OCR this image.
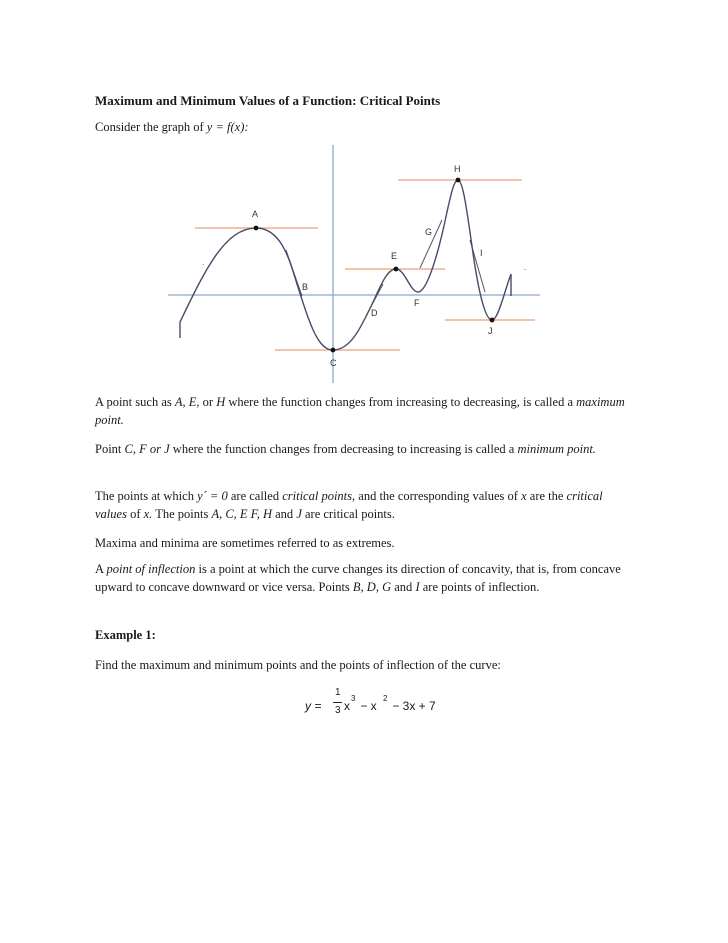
Maximum and Minimum Values of a Function: Critical Points
Consider the graph of y = f(x):
A
B
C
D
E
F
G
H
I
J
.
.
A point such as A, E, or H where the function changes from increasing to decreasing, is called a maximum point.
Point C, F or J where the function changes from decreasing to increasing is called a minimum point.
The points at which y´ = 0 are called critical points, and the corresponding values of x are the critical values of x. The points A, C, E F, H and J are critical points.
Maxima and minima are sometimes referred to as extremes.
A point of inflection is a point at which the curve changes its direction of concavity, that is, from concave upward to concave downward or vice versa. Points B, D, G and I are points of inflection.
Example 1:
Find the maximum and minimum points and the points of inflection of the curve:
y =
1
3 x
3
− x
2
− 3x + 7
